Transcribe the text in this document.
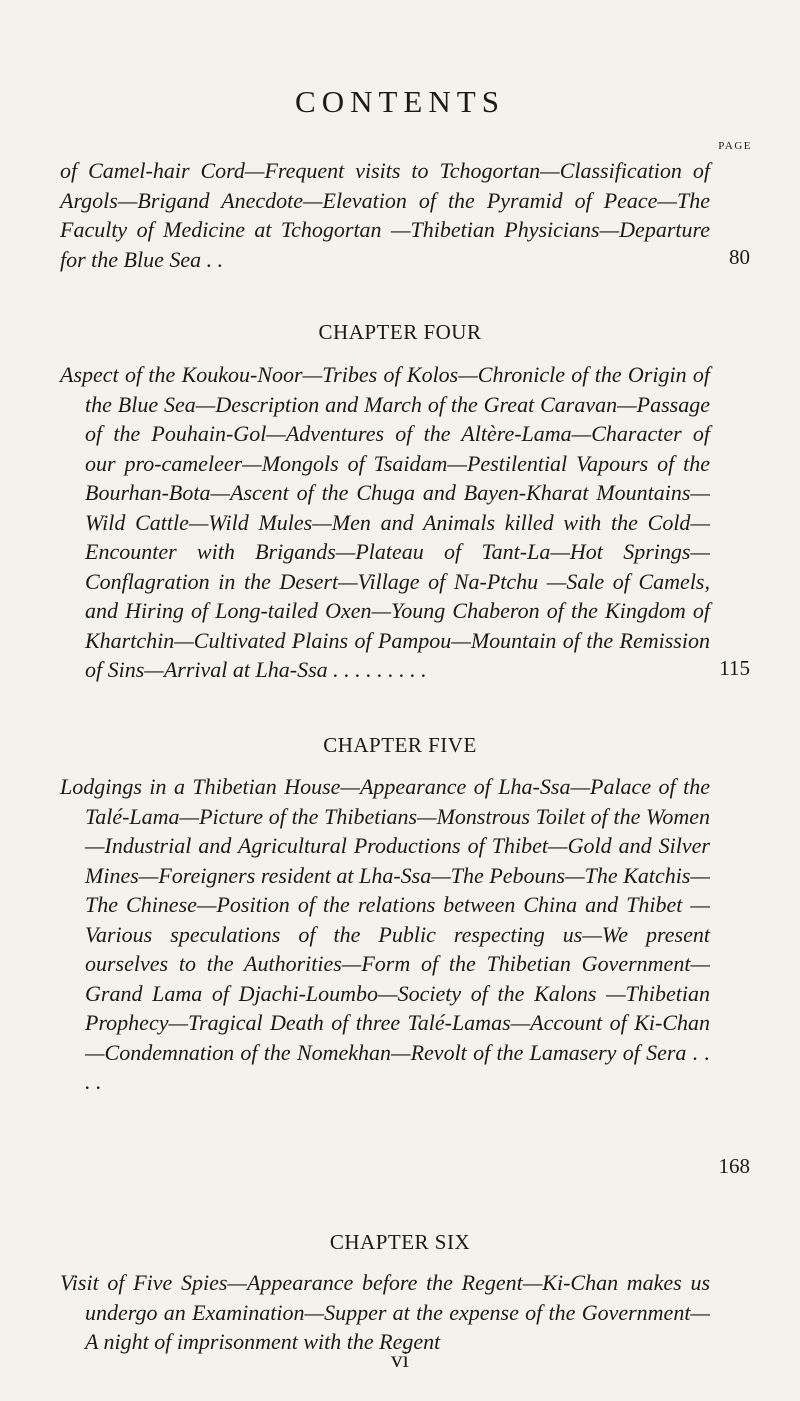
CONTENTS
PAGE

of Camel-hair Cord—Frequent visits to Tchogortan—Classification of Argols—Brigand Anecdote—Elevation of the Pyramid of Peace—The Faculty of Medicine at Tchogortan —Thibetian Physicians—Departure for the Blue Sea . .	80
CHAPTER FOUR

Aspect of the Koukou-Noor—Tribes of Kolos—Chronicle of the Origin of the Blue Sea—Description and March of the Great Caravan—Passage of the Pouhain-Gol—Adventures of the Altère-Lama—Character of our pro-cameleer—Mongols of Tsaidam—Pestilential Vapours of the Bourhan-Bota—Ascent of the Chuga and Bayen-Kharat Mountains—Wild Cattle—Wild Mules—Men and Animals killed with the Cold—Encounter with Brigands—Plateau of Tant-La—Hot Springs—Conflagration in the Desert—Village of Na-Ptchu —Sale of Camels, and Hiring of Long-tailed Oxen—Young Chaberon of the Kingdom of Khartchin—Cultivated Plains of Pampou—Mountain of the Remission of Sins—Arrival at Lha-Ssa . . . . . . . . .	115
CHAPTER FIVE

Lodgings in a Thibetian House—Appearance of Lha-Ssa—Palace of the Talé-Lama—Picture of the Thibetians—Monstrous Toilet of the Women—Industrial and Agricultural Productions of Thibet—Gold and Silver Mines—Foreigners resident at Lha-Ssa—The Pebouns—The Katchis—The Chinese—Position of the relations between China and Thibet —Various speculations of the Public respecting us—We present ourselves to the Authorities—Form of the Thibetian Government—Grand Lama of Djachi-Loumbo—Society of the Kalons —Thibetian Prophecy—Tragical Death of three Talé-Lamas—Account of Ki-Chan—Condemnation of the Nomekhan—Revolt of the Lamasery of Sera . . . .

168
CHAPTER SIX

Visit of Five Spies—Appearance before the Regent—Ki-Chan makes us undergo an Examination—Supper at the expense of the Government—A night of imprisonment with the Regent

vi
